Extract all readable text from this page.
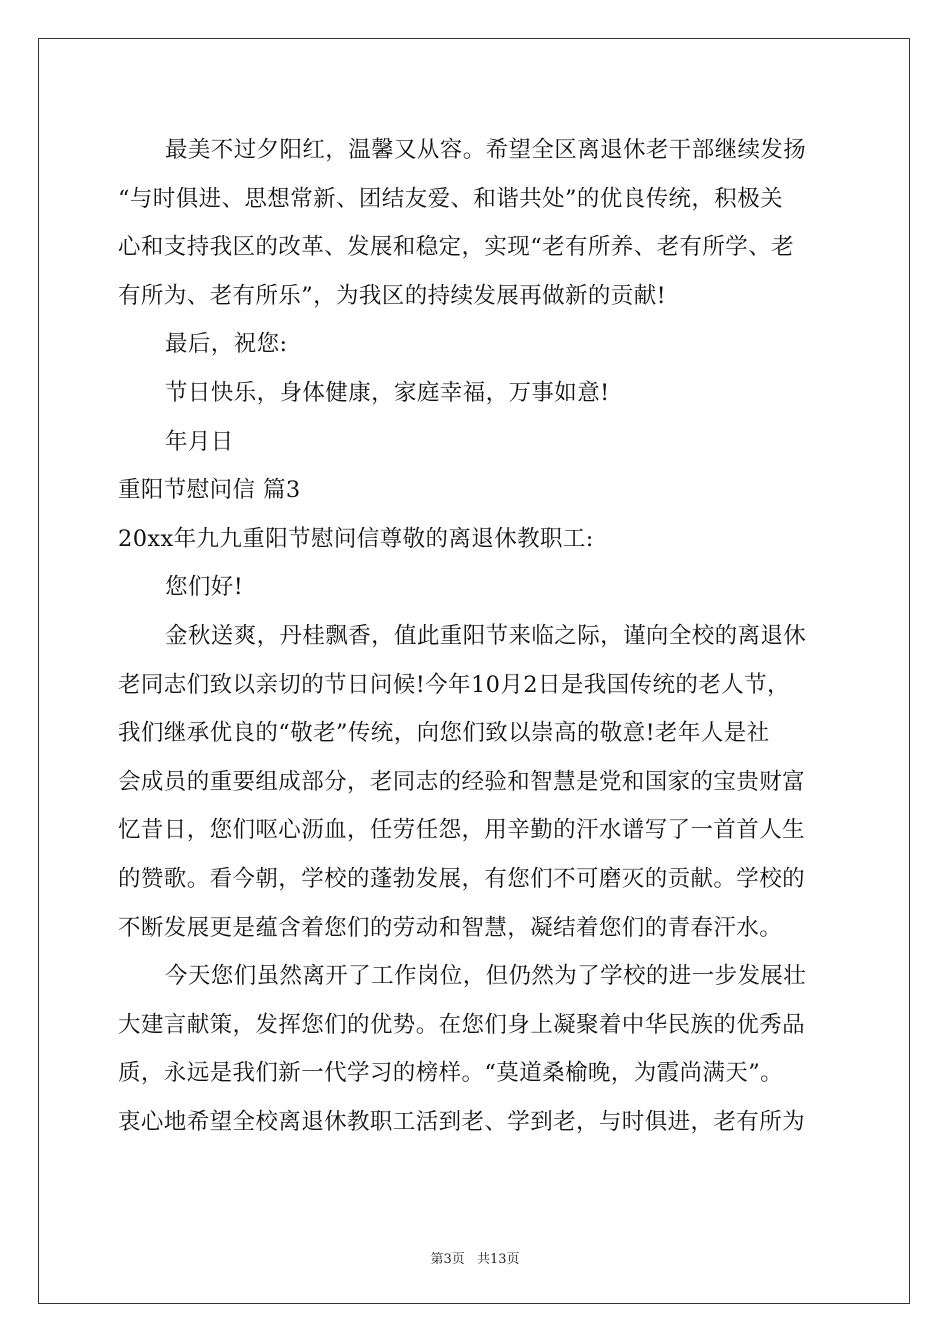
最美不过夕阳红，温馨又从容。希望全区离退休老干部继续发扬
“与时俱进、思想常新、团结友爱、和谐共处”的优良传统，积极关
心和支持我区的改革、发展和稳定，实现“老有所养、老有所学、老
有所为、老有所乐”，为我区的持续发展再做新的贡献!
最后，祝您:
节日快乐，身体健康，家庭幸福，万事如意!
年月日
重阳节慰问信 篇3
20xx年九九重阳节慰问信尊敬的离退休教职工:
您们好!
金秋送爽，丹桂飘香，值此重阳节来临之际，谨向全校的离退休
老同志们致以亲切的节日问候!今年10月2日是我国传统的老人节，
我们继承优良的“敬老”传统，向您们致以崇高的敬意!老年人是社
会成员的重要组成部分，老同志的经验和智慧是党和国家的宝贵财富
忆昔日，您们呕心沥血，任劳任怨，用辛勤的汗水谱写了一首首人生
的赞歌。看今朝，学校的蓬勃发展，有您们不可磨灭的贡献。学校的
不断发展更是蕴含着您们的劳动和智慧，凝结着您们的青春汗水。
今天您们虽然离开了工作岗位，但仍然为了学校的进一步发展壮
大建言献策，发挥您们的优势。在您们身上凝聚着中华民族的优秀品
质，永远是我们新一代学习的榜样。“莫道桑榆晚，为霞尚满天”。
衷心地希望全校离退休教职工活到老、学到老，与时俱进，老有所为
第3页 共13页
